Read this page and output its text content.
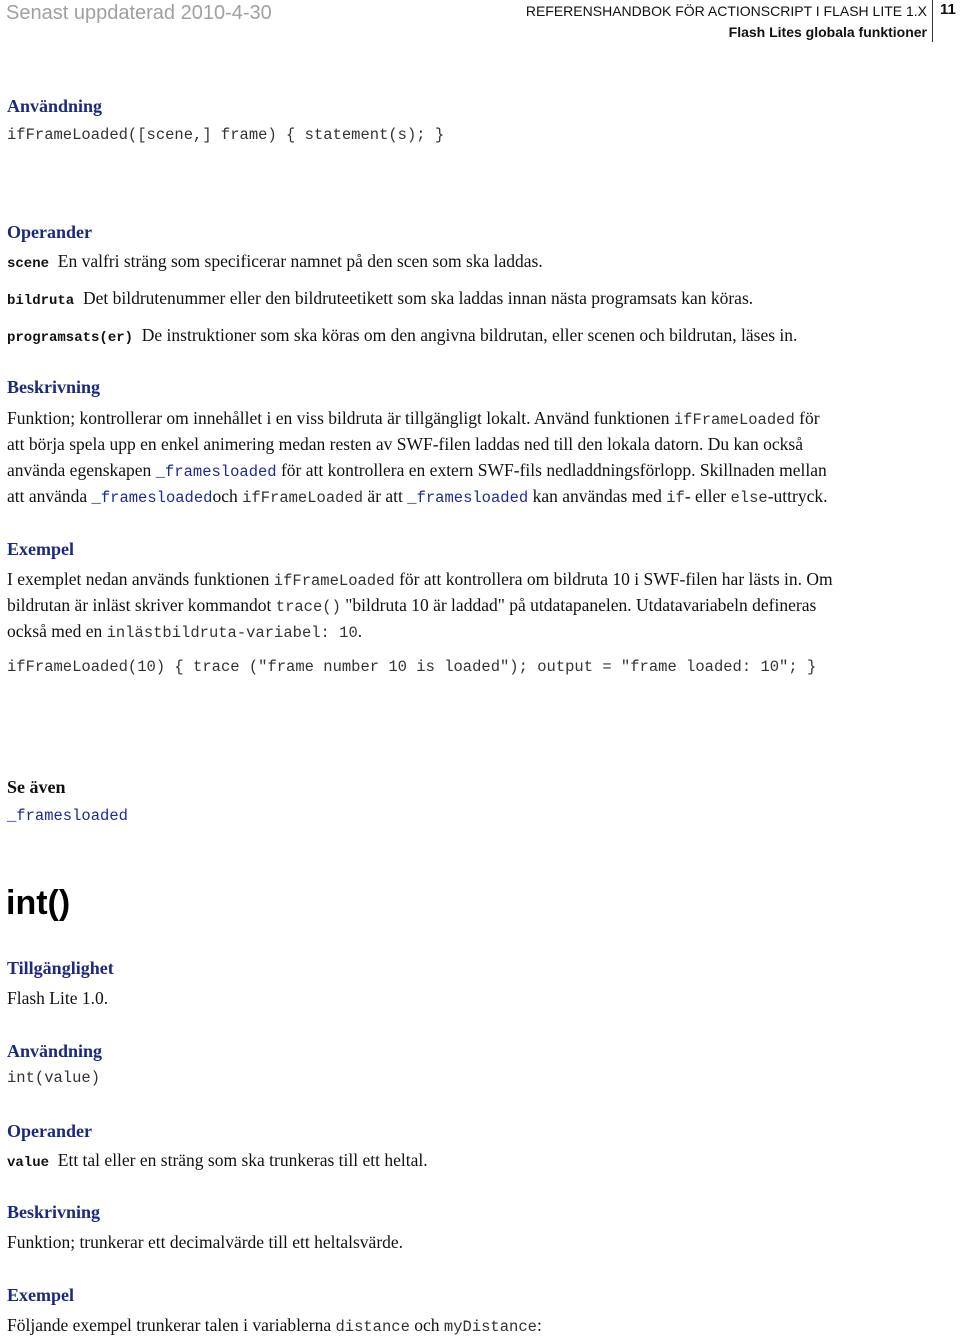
Senast uppdaterad 2010-4-30	REFERENSHANDBOK FÖR ACTIONSCRIPT I FLASH LITE 1.X
Flash Lites globala funktioner
11
Användning
ifFrameLoaded([scene,] frame) { statement(s); }
Operander
scene En valfri sträng som specificerar namnet på den scen som ska laddas.
bildruta Det bildrutenummer eller den bildruteetikett som ska laddas innan nästa programsats kan köras.
programsats(er) De instruktioner som ska köras om den angivna bildrutan, eller scenen och bildrutan, läses in.
Beskrivning
Funktion; kontrollerar om innehållet i en viss bildruta är tillgängligt lokalt. Använd funktionen ifFrameLoaded för
att börja spela upp en enkel animering medan resten av SWF-filen laddas ned till den lokala datorn. Du kan också
använda egenskapen _framesloaded för att kontrollera en extern SWF-fils nedladdningsförlopp. Skillnaden mellan
att använda _framesloadedoch ifFrameLoaded är att _framesloaded kan användas med if- eller else-uttryck.
Exempel
I exemplet nedan används funktionen ifFrameLoaded för att kontrollera om bildruta 10 i SWF-filen har lästs in. Om
bildrutan är inläst skriver kommandot trace() "bildruta 10 är laddad" på utdatapanelen. Utdatavariabeln defineras
också med en inlästbildruta-variabel: 10.
ifFrameLoaded(10) { trace ("frame number 10 is loaded"); output = "frame loaded: 10"; }
Se även
_framesloaded
int()
Tillgänglighet
Flash Lite 1.0.
Användning
int(value)
Operander
value Ett tal eller en sträng som ska trunkeras till ett heltal.
Beskrivning
Funktion; trunkerar ett decimalvärde till ett heltalsvärde.
Exempel
Följande exempel trunkerar talen i variablerna distance och myDistance:
